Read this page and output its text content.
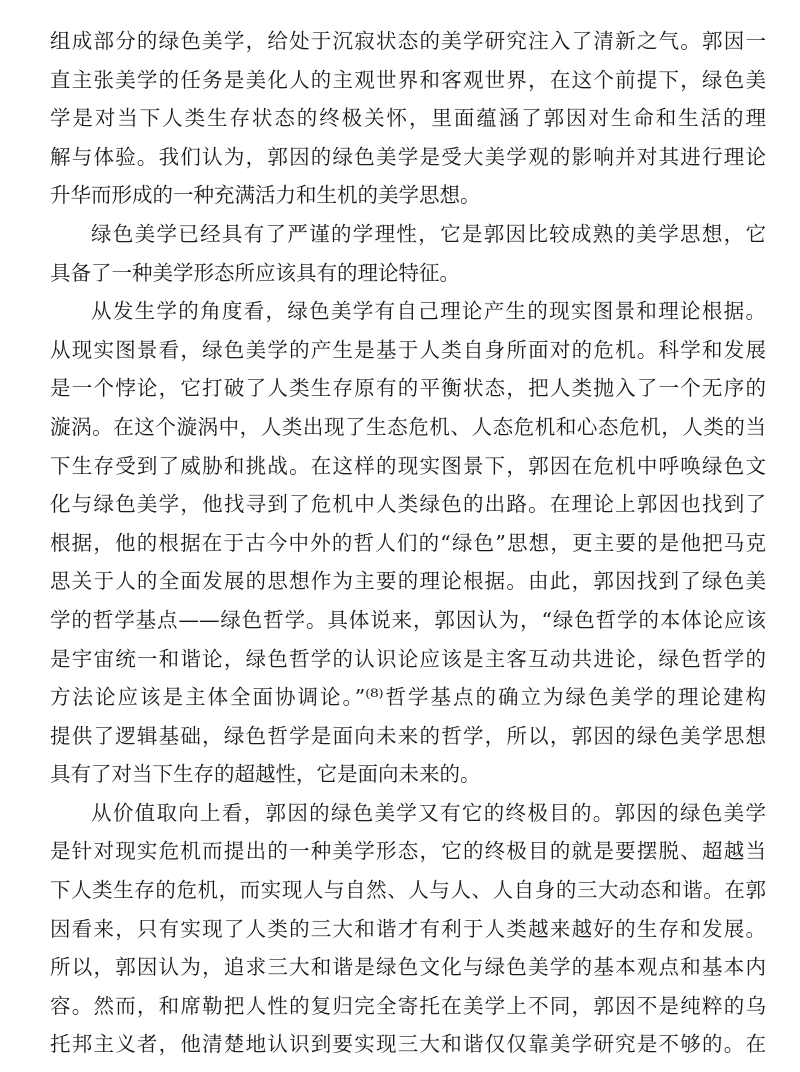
组成部分的绿色美学，给处于沉寂状态的美学研究注入了清新之气。郭因一
直主张美学的任务是美化人的主观世界和客观世界，在这个前提下，绿色美
学是对当下人类生存状态的终极关怀，里面蕴涵了郭因对生命和生活的理
解与体验。我们认为，郭因的绿色美学是受大美学观的影响并对其进行理论
升华而形成的一种充满活力和生机的美学思想。
绿色美学已经具有了严谨的学理性，它是郭因比较成熟的美学思想，它
具备了一种美学形态所应该具有的理论特征。
从发生学的角度看，绿色美学有自己理论产生的现实图景和理论根据。
从现实图景看，绿色美学的产生是基于人类自身所面对的危机。科学和发展
是一个悖论，它打破了人类生存原有的平衡状态，把人类抛入了一个无序的
漩涡。在这个漩涡中，人类出现了生态危机、人态危机和心态危机，人类的当
下生存受到了威胁和挑战。在这样的现实图景下，郭因在危机中呼唤绿色文
化与绿色美学，他找寻到了危机中人类绿色的出路。在理论上郭因也找到了
根据，他的根据在于古今中外的哲人们的“绿色”思想，更主要的是他把马克
思关于人的全面发展的思想作为主要的理论根据。由此，郭因找到了绿色美
学的哲学基点——绿色哲学。具体说来，郭因认为，“绿色哲学的本体论应该
是宇宙统一和谐论，绿色哲学的认识论应该是主客互动共进论，绿色哲学的
方法论应该是主体全面协调论。”⁽⁸⁾哲学基点的确立为绿色美学的理论建构
提供了逻辑基础，绿色哲学是面向未来的哲学，所以，郭因的绿色美学思想
具有了对当下生存的超越性，它是面向未来的。
从价值取向上看，郭因的绿色美学又有它的终极目的。郭因的绿色美学
是针对现实危机而提出的一种美学形态，它的终极目的就是要摆脱、超越当
下人类生存的危机，而实现人与自然、人与人、人自身的三大动态和谐。在郭
因看来，只有实现了人类的三大和谐才有利于人类越来越好的生存和发展。
所以，郭因认为，追求三大和谐是绿色文化与绿色美学的基本观点和基本内
容。然而，和席勒把人性的复归完全寄托在美学上不同，郭因不是纯粹的乌
托邦主义者，他清楚地认识到要实现三大和谐仅仅靠美学研究是不够的。在
